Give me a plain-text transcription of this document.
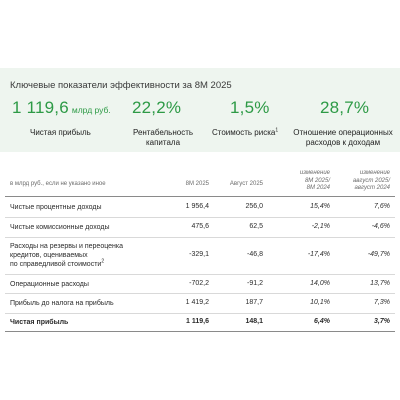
Ключевые показатели эффективности за 8М 2025
1 119,6 млрд руб. 22,2%	1,5%	28,7%
Чистая прибыль	Рентабельность
капитала
Стоимость риска$^1$	Отношение операционных
расходов к доходам
в млрд руб., если не указано иное	8М 2025	Август 2025
изменение
8М 2025/
8М 2024
изменение
август 2025/
август 2024
Чистые процентные доходы	1 956,4	256,0	15,4%	7,6%
Чистые комиссионные доходы	475,6	62,5	-2,1%	-4,6%
Расходы на резервы и переоценка
кредитов, оцениваемых
по справедливой стоимости$^2$
-329,1	-46,8	-17,4%	-49,7%
Операционные расходы	-702,2	-91,2	14,0%	13,7%
Прибыль до налога на прибыль	1 419,2	187,7	10,1%	7,3%
Чистая прибыль	1 119,6	148,1	6,4%	3,7%
